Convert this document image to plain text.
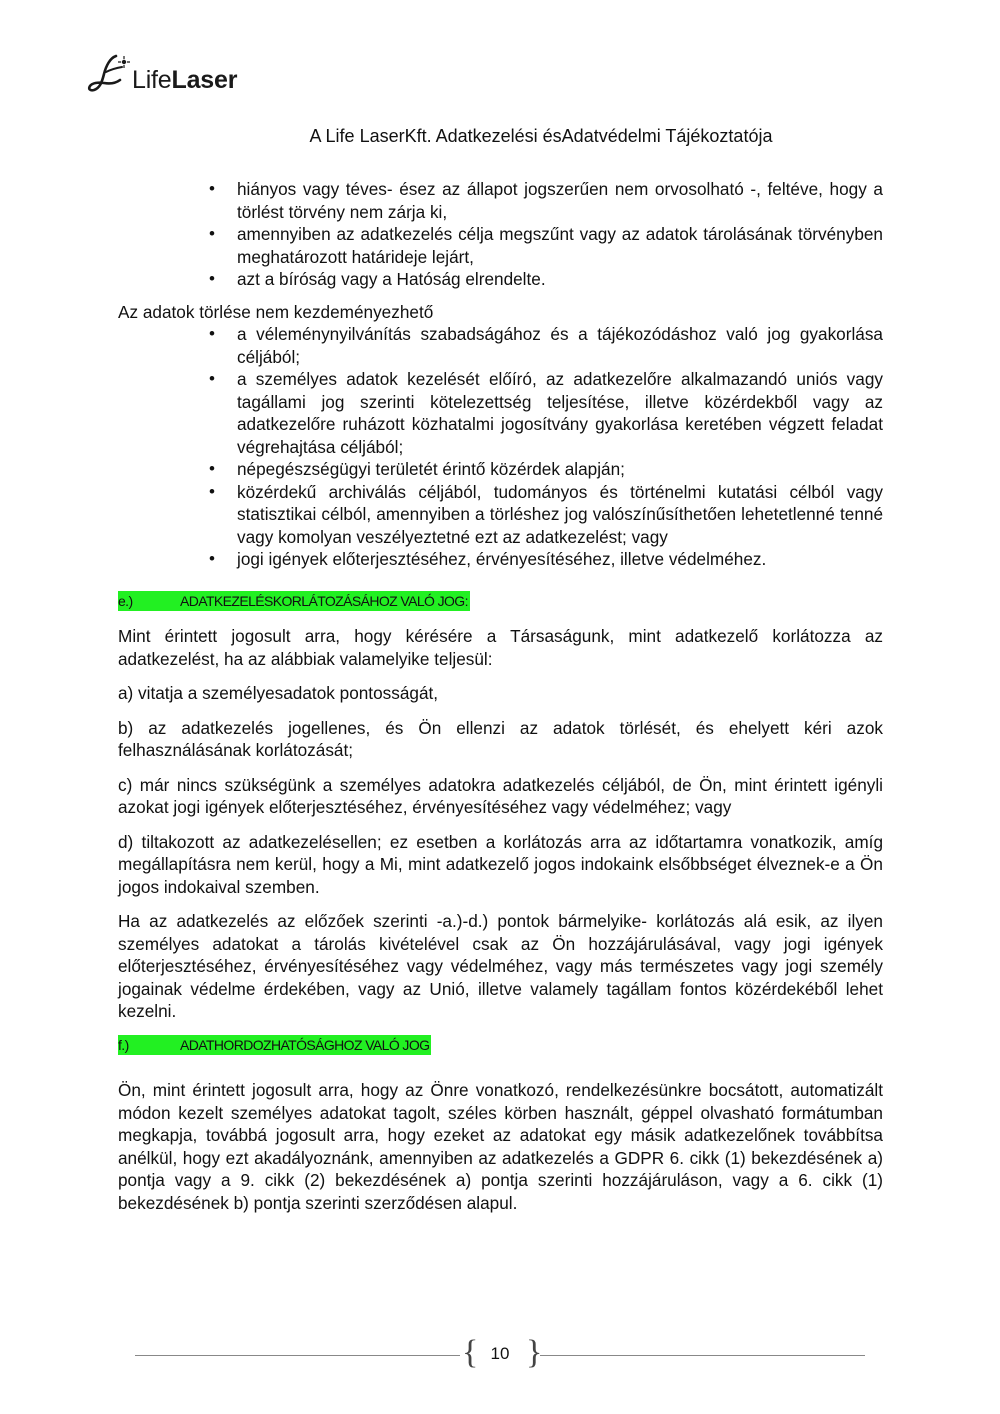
LifeLaser
A Life LaserKft. Adatkezelési ésAdatvédelmi Tájékoztatója
• hiányos vagy téves- ésez az állapot jogszerűen nem orvosolható -, feltéve, hogy a törlést törvény nem zárja ki,
• amennyiben az adatkezelés célja megszűnt vagy az adatok tárolásának törvényben meghatározott határideje lejárt,
• azt a bíróság vagy a Hatóság elrendelte.

Az adatok törlése nem kezdeményezhető

• a véleménynyilvánítás szabadságához és a tájékozódáshoz való jog gyakorlása céljából;
• a személyes adatok kezelését előíró, az adatkezelőre alkalmazandó uniós vagy tagállami jog szerinti kötelezettség teljesítése, illetve közérdekből vagy az adatkezelőre ruházott közhatalmi jogosítvány gyakorlása keretében végzett feladat végrehajtása céljából;
• népegészségügyi területét érintő közérdek alapján;
• közérdekű archiválás céljából, tudományos és történelmi kutatási célból vagy statisztikai célból, amennyiben a törléshez jog valószínűsíthetően lehetetlenné tenné vagy komolyan veszélyeztetné ezt az adatkezelést; vagy
• jogi igények előterjesztéséhez, érvényesítéséhez, illetve védelméhez.
e.)	ADATKEZELÉSKORLÁTOZÁSÁHOZ VALÓ JOG:

Mint érintett jogosult arra, hogy kérésére a Társaságunk, mint adatkezelő korlátozza az adatkezelést, ha az alábbiak valamelyike teljesül:

a) vitatja a személyesadatok pontosságát,

b) az adatkezelés jogellenes, és Ön ellenzi az adatok törlését, és ehelyett kéri azok felhasználásának korlátozását;

c) már nincs szükségünk a személyes adatokra adatkezelés céljából, de Ön, mint érintett igényli azokat jogi igények előterjesztéséhez, érvényesítéséhez vagy védelméhez; vagy

d) tiltakozott az adatkezelésellen; ez esetben a korlátozás arra az időtartamra vonatkozik, amíg megállapításra nem kerül, hogy a Mi, mint adatkezelő jogos indokaink elsőbbséget élveznek-e a Ön jogos indokaival szemben.

Ha az adatkezelés az előzőek szerinti -a.)-d.) pontok bármelyike- korlátozás alá esik, az ilyen személyes adatokat a tárolás kivételével csak az Ön hozzájárulásával, vagy jogi igények előterjesztéséhez, érvényesítéséhez vagy védelméhez, vagy más természetes vagy jogi személy jogainak védelme érdekében, vagy az Unió, illetve valamely tagállam fontos közérdekéből lehet kezelni.

f.)	ADATHORDOZHATÓSÁGHOZ VALÓ JOG

Ön, mint érintett jogosult arra, hogy az Önre vonatkozó, rendelkezésünkre bocsátott, automatizált módon kezelt személyes adatokat tagolt, széles körben használt, géppel olvasható formátumban megkapja, továbbá jogosult arra, hogy ezeket az adatokat egy másik adatkezelőnek továbbítsa anélkül, hogy ezt akadályoznánk, amennyiben az adatkezelés a GDPR 6. cikk (1) bekezdésének a) pontja vagy a 9. cikk (2) bekezdésének a) pontja szerinti hozzájáruláson, vagy a 6. cikk (1) bekezdésének b) pontja szerinti szerződésen alapul.

{ }
10
